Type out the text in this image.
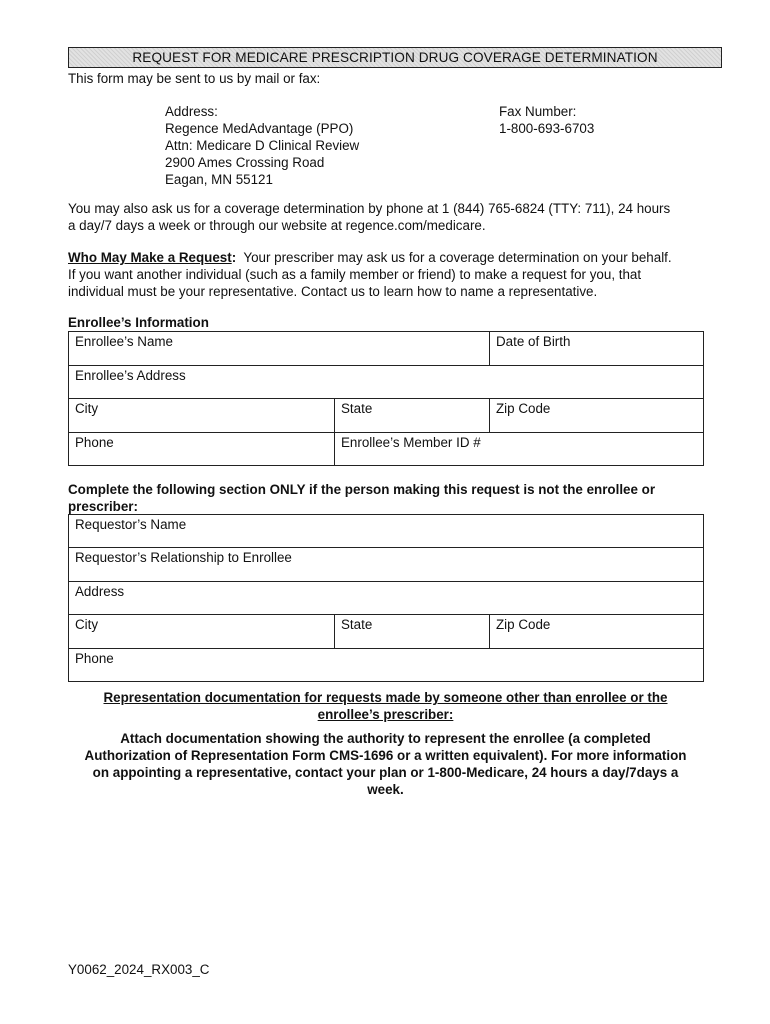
REQUEST FOR MEDICARE PRESCRIPTION DRUG COVERAGE DETERMINATION
This form may be sent to us by mail or fax:
Address:
Regence MedAdvantage (PPO)
Attn: Medicare D Clinical Review
2900 Ames Crossing Road
Eagan, MN 55121
Fax Number:
1-800-693-6703
You may also ask us for a coverage determination by phone at 1 (844) 765-6824 (TTY: 711), 24 hours
a day/7 days a week or through our website at regence.com/medicare.
Who May Make a Request: Your prescriber may ask us for a coverage determination on your behalf.
If you want another individual (such as a family member or friend) to make a request for you, that
individual must be your representative. Contact us to learn how to name a representative.
Enrollee’s Information
Enrollee’s Name		Date of Birth
Enrollee’s Address		
City	State	Zip Code
Phone	Enrollee’s Member ID #	
Complete the following section ONLY if the person making this request is not the enrollee or
prescriber:
Requestor’s Name
Requestor’s Relationship to Enrollee
Address
City	State	Zip Code
Phone
Representation documentation for requests made by someone other than enrollee or the
enrollee’s prescriber:
Attach documentation showing the authority to represent the enrollee (a completed
Authorization of Representation Form CMS-1696 or a written equivalent). For more information
on appointing a representative, contact your plan or 1-800-Medicare, 24 hours a day/7days a
week.
Y0062_2024_RX003_C
